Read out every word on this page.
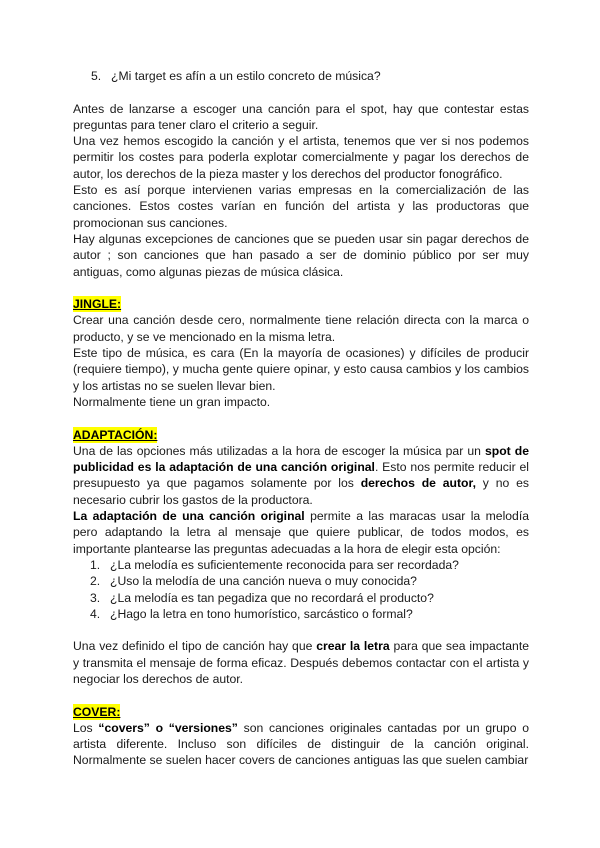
5. ¿Mi target es afín a un estilo concreto de música?

Antes de lanzarse a escoger una canción para el spot, hay que contestar estas preguntas para tener claro el criterio a seguir.

Una vez hemos escogido la canción y el artista, tenemos que ver si nos podemos permitir los costes para poderla explotar comercialmente y pagar los derechos de autor, los derechos de la pieza master y los derechos del productor fonográfico.

Esto es así porque intervienen varias empresas en la comercialización de las canciones. Estos costes varían en función del artista y las productoras que promocionan sus canciones.

Hay algunas excepciones de canciones que se pueden usar sin pagar derechos de autor ; son canciones que han pasado a ser de dominio público por ser muy antiguas, como algunas piezas de música clásica.

JINGLE:

Crear una canción desde cero, normalmente tiene relación directa con la marca o producto, y se ve mencionado en la misma letra.

Este tipo de música, es cara (En la mayoría de ocasiones) y difíciles de producir (requiere tiempo), y mucha gente quiere opinar, y esto causa cambios y los cambios y los artistas no se suelen llevar bien.

Normalmente tiene un gran impacto.

ADAPTACIÓN:

Una de las opciones más utilizadas a la hora de escoger la música par un spot de publicidad es la adaptación de una canción original. Esto nos permite reducir el presupuesto ya que pagamos solamente por los derechos de autor, y no es necesario cubrir los gastos de la productora.

La adaptación de una canción original permite a las maracas usar la melodía pero adaptando la letra al mensaje que quiere publicar, de todos modos, es importante plantearse las preguntas adecuadas a la hora de elegir esta opción:

1. ¿La melodía es suficientemente reconocida para ser recordada?
2. ¿Uso la melodía de una canción nueva o muy conocida?
3. ¿La melodía es tan pegadiza que no recordará el producto?
4. ¿Hago la letra en tono humorístico, sarcástico o formal?

Una vez definido el tipo de canción hay que crear la letra para que sea impactante y transmita el mensaje de forma eficaz. Después debemos contactar con el artista y negociar los derechos de autor.

COVER:

Los “covers” o “versiones” son canciones originales cantadas por un grupo o artista diferente. Incluso son difíciles de distinguir de la canción original. Normalmente se suelen hacer covers de canciones antiguas las que suelen cambiar
